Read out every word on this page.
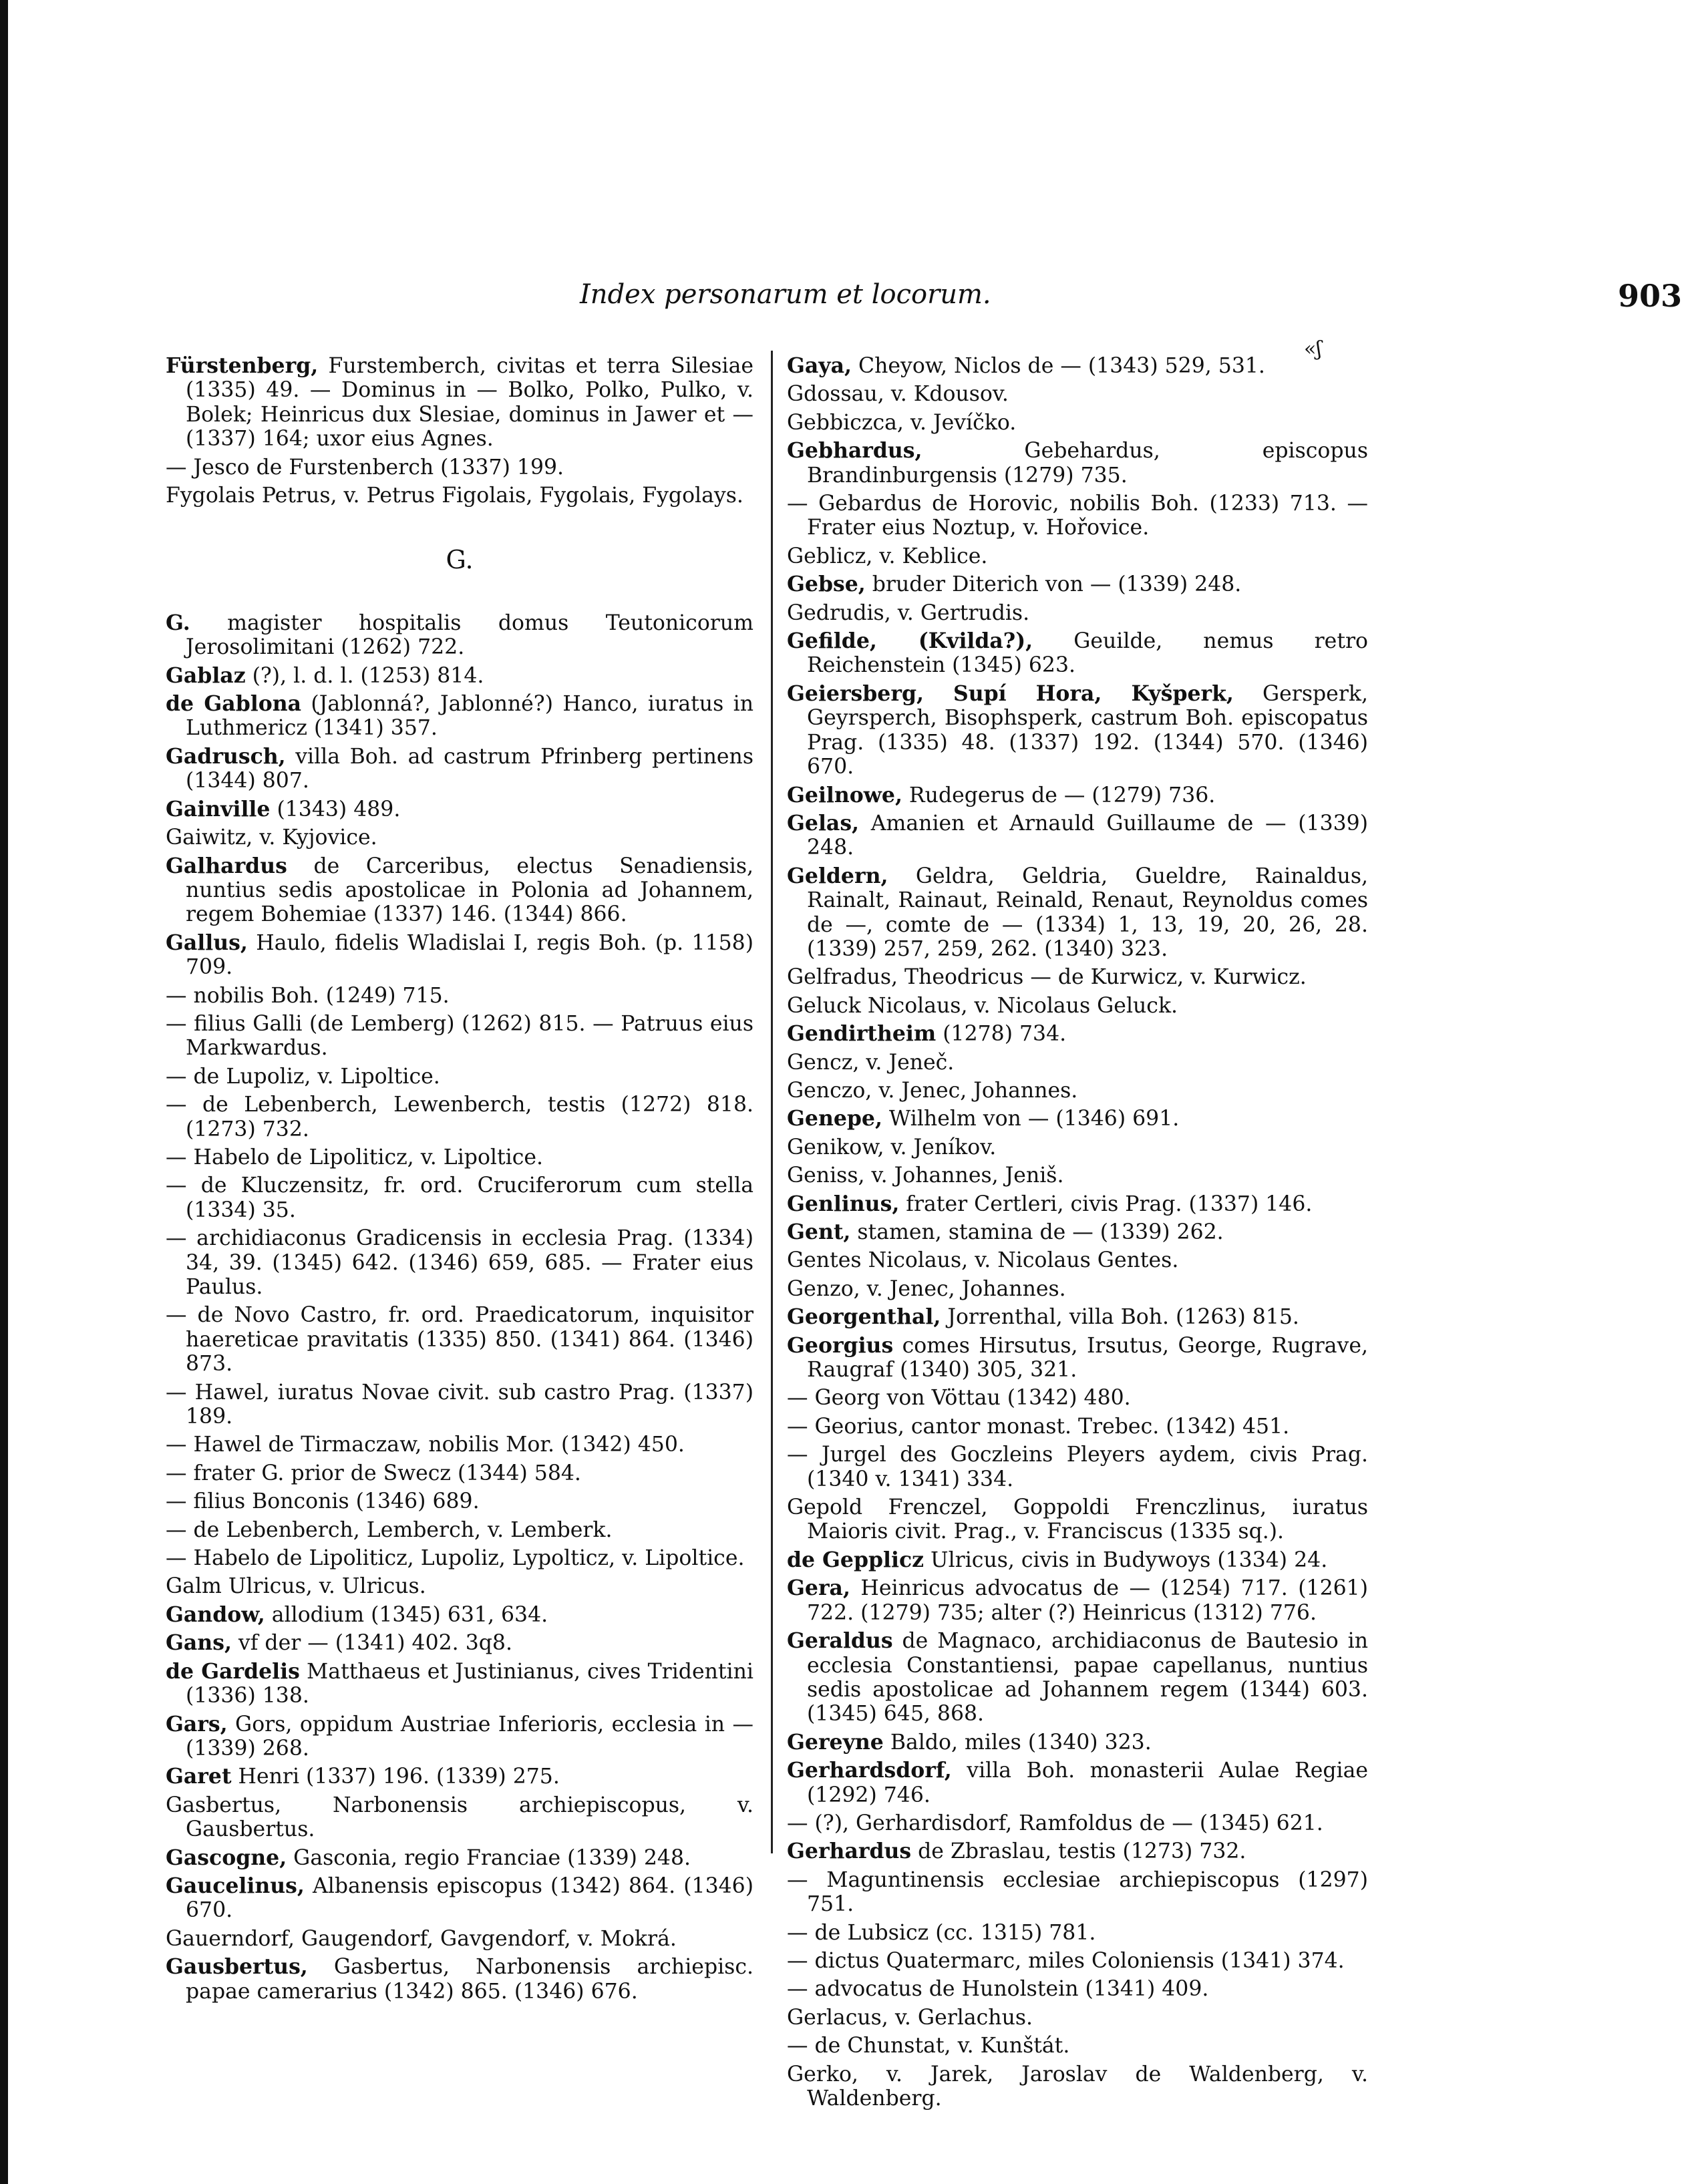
Index personarum et locorum.	903

Fürstenberg, Furstemberch, civitas et terra Silesiae (1335) 49. — Dominus in — Bolko, Polko, Pulko, v. Bolek; Heinricus dux Slesiae, dominus in Jawer et — (1337) 164; uxor eius Agnes.

— Jesco de Furstenberch (1337) 199.

Fygolais Petrus, v. Petrus Figolais, Fygolais, Fygolays.

G.

G. magister hospitalis domus Teutonicorum Jerosolimitani (1262) 722.

Gablaz (?), l. d. l. (1253) 814.

de Gablona (Jablonná?, Jablonné?) Hanco, iuratus in Luthmericz (1341) 357.

Gadrusch, villa Boh. ad castrum Pfrinberg pertinens (1344) 807.

Gainville (1343) 489.

Gaiwitz, v. Kyjovice.

Galhardus de Carceribus, electus Senadiensis, nuntius sedis apostolicae in Polonia ad Johannem, regem Bohemiae (1337) 146. (1344) 866.

Gallus, Haulo, fidelis Wladislai I, regis Boh. (p. 1158) 709.

— nobilis Boh. (1249) 715.

— filius Galli (de Lemberg) (1262) 815. — Patruus eius Markwardus.

— de Lupoliz, v. Lipoltice.

— de Lebenberch, Lewenberch, testis (1272) 818. (1273) 732.

— Habelo de Lipoliticz, v. Lipoltice.

— de Kluczensitz, fr. ord. Cruciferorum cum stella (1334) 35.

— archidiaconus Gradicensis in ecclesia Prag. (1334) 34, 39. (1345) 642. (1346) 659, 685. — Frater eius Paulus.

— de Novo Castro, fr. ord. Praedicatorum, inquisitor haereticae pravitatis (1335) 850. (1341) 864. (1346) 873.

— Hawel, iuratus Novae civit. sub castro Prag. (1337) 189.

— Hawel de Tirmaczaw, nobilis Mor. (1342) 450.

— frater G. prior de Swecz (1344) 584.

— filius Bonconis (1346) 689.

— de Lebenberch, Lemberch, v. Lemberk.

— Habelo de Lipoliticz, Lupoliz, Lypolticz, v. Lipoltice.

Galm Ulricus, v. Ulricus.

Gandow, allodium (1345) 631, 634.

Gans, vf der — (1341) 402. 3q8.

de Gardelis Matthaeus et Justinianus, cives Tridentini (1336) 138.

Gars, Gors, oppidum Austriae Inferioris, ecclesia in — (1339) 268.

Garet Henri (1337) 196. (1339) 275.

Gasbertus, Narbonensis archiepiscopus, v. Gausbertus.

Gascogne, Gasconia, regio Franciae (1339) 248.

Gaucelinus, Albanensis episcopus (1342) 864. (1346) 670.

Gauerndorf, Gaugendorf, Gavgendorf, v. Mokrá.

Gausbertus, Gasbertus, Narbonensis archiepisc. papae camerarius (1342) 865. (1346) 676.

Gaya, Cheyow, Niclos de — (1343) 529, 531.

Gdossau, v. Kdousov.

Gebbiczca, v. Jevíčko.

Gebhardus, Gebehardus, episcopus Brandinburgensis (1279) 735.

— Gebardus de Horovic, nobilis Boh. (1233) 713. — Frater eius Noztup, v. Hořovice.

Geblicz, v. Keblice.

Gebse, bruder Diterich von — (1339) 248.

Gedrudis, v. Gertrudis.

Gefilde, (Kvilda?), Geuilde, nemus retro Reichenstein (1345) 623.

Geiersberg, Supí Hora, Kyšperk, Gersperk, Geyrsperch, Bisophsperk, castrum Boh. episcopatus Prag. (1335) 48. (1337) 192. (1344) 570. (1346) 670.

Geilnowe, Rudegerus de — (1279) 736.

Gelas, Amanien et Arnauld Guillaume de — (1339) 248.

Geldern, Geldra, Geldria, Gueldre, Rainaldus, Rainalt, Rainaut, Reinald, Renaut, Reynoldus comes de —, comte de — (1334) 1, 13, 19, 20, 26, 28. (1339) 257, 259, 262. (1340) 323.

Gelfradus, Theodricus — de Kurwicz, v. Kurwicz.

Geluck Nicolaus, v. Nicolaus Geluck.

Gendirtheim (1278) 734.

Gencz, v. Jeneč.

Genczo, v. Jenec, Johannes.

Genepe, Wilhelm von — (1346) 691.

Genikow, v. Jeníkov.

Geniss, v. Johannes, Jeniš.

Genlinus, frater Certleri, civis Prag. (1337) 146.

Gent, stamen, stamina de — (1339) 262.

Gentes Nicolaus, v. Nicolaus Gentes.

Genzo, v. Jenec, Johannes.

Georgenthal, Jorrenthal, villa Boh. (1263) 815.

Georgius comes Hirsutus, Irsutus, George, Rugrave, Raugraf (1340) 305, 321.

— Georg von Vöttau (1342) 480.

— Georius, cantor monast. Trebec. (1342) 451.

— Jurgel des Goczleins Pleyers aydem, civis Prag. (1340 v. 1341) 334.

Gepold Frenczel, Goppoldi Frenczlinus, iuratus Maioris civit. Prag., v. Franciscus (1335 sq.).

de Gepplicz Ulricus, civis in Budywoys (1334) 24.

Gera, Heinricus advocatus de — (1254) 717. (1261) 722. (1279) 735; alter (?) Heinricus (1312) 776.

Geraldus de Magnaco, archidiaconus de Bautesio in ecclesia Constantiensi, papae capellanus, nuntius sedis apostolicae ad Johannem regem (1344) 603. (1345) 645, 868.

Gereyne Baldo, miles (1340) 323.

Gerhardsdorf, villa Boh. monasterii Aulae Regiae (1292) 746.

— (?), Gerhardisdorf, Ramfoldus de — (1345) 621.

Gerhardus de Zbraslau, testis (1273) 732.

— Maguntinensis ecclesiae archiepiscopus (1297) 751.

— de Lubsicz (cc. 1315) 781.

— dictus Quatermarc, miles Coloniensis (1341) 374.

— advocatus de Hunolstein (1341) 409.

Gerlacus, v. Gerlachus.

— de Chunstat, v. Kunštát.

Gerko, v. Jarek, Jaroslav de Waldenberg, v. Waldenberg.

«ʃ
